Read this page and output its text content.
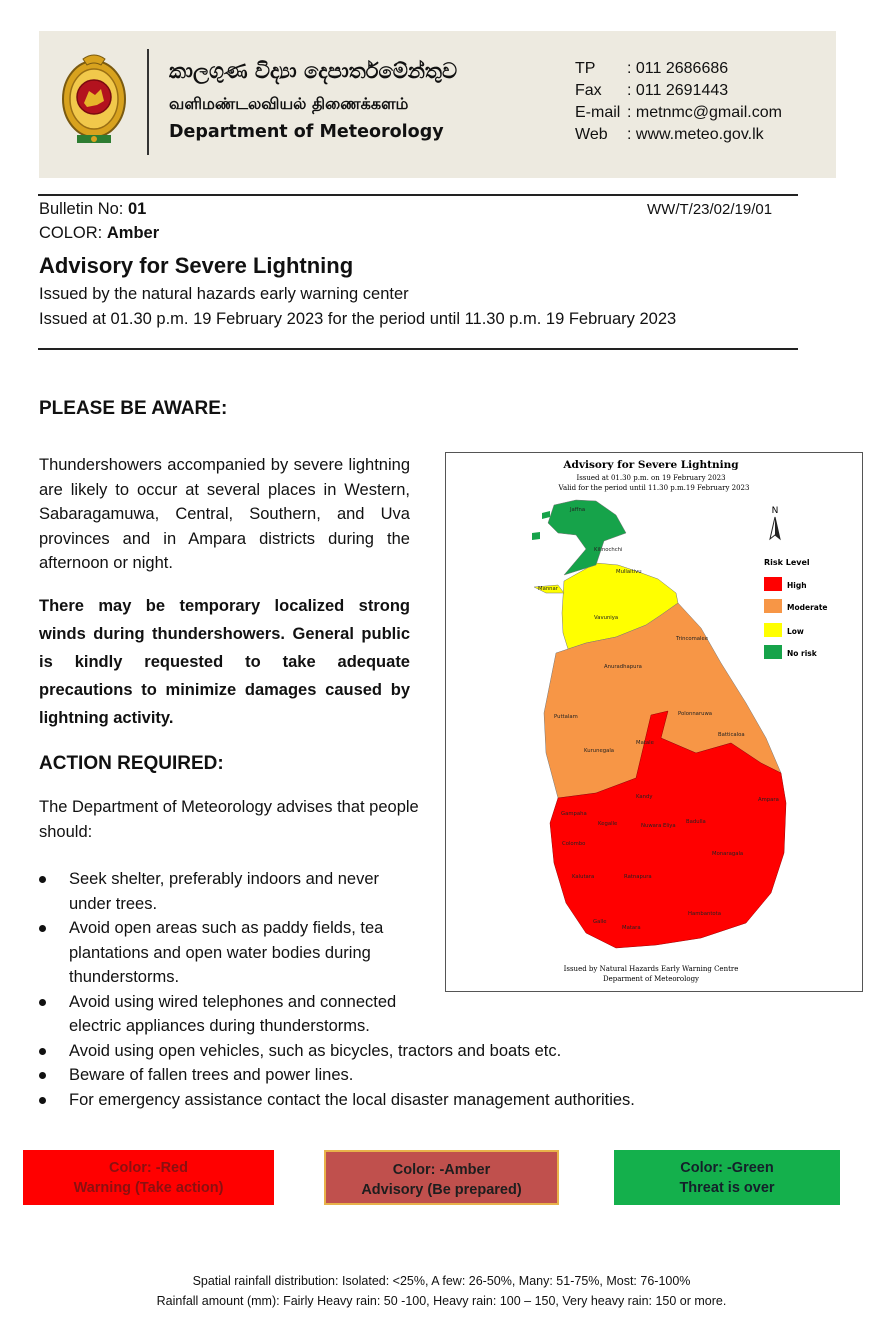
කාලගුණ විද්‍යා දෙපාර්තමේන්තුව
வளிமண்டலவியல் திணைக்களம்
Department of Meteorology
TP	: 011 2686686
Fax	: 011 2691443
E-mail : metnmc@gmail.com
Web	: www.meteo.gov.lk
Bulletin No: 01	WW/T/23/02/19/01
COLOR: Amber
Advisory for Severe Lightning
Issued by the natural hazards early warning center
Issued at 01.30 p.m. 19 February 2023 for the period until 11.30 p.m. 19 February 2023
PLEASE BE AWARE:
Thundershowers accompanied by severe lightning are likely to occur at several places in Western, Sabaragamuwa, Central, Southern, and Uva provinces and in Ampara districts during the afternoon or night.
There may be temporary localized strong winds during thundershowers. General public is kindly requested to take adequate precautions to minimize damages caused by lightning activity.
ACTION REQUIRED:
The Department of Meteorology advises that people should:
Seek shelter, preferably indoors and never under trees.
Avoid open areas such as paddy fields, tea plantations and open water bodies during thunderstorms.
Avoid using wired telephones and connected electric appliances during thunderstorms.
Avoid using open vehicles, such as bicycles, tractors and boats etc.
Beware of fallen trees and power lines.
For emergency assistance contact the local disaster management authorities.
Advisory for Severe Lightning
Issued at 01.30 p.m. on 19 February 2023
Valid for the period until 11.30 p.m.19 February 2023
Jaffna
Kilinochchi
Mullaitivu
Mannar
Vavuniya
Trincomalee
Anuradhapura
Puttalam	Polonnaruwa
Batticaloa
Kurunegala
Matale
Kandy	Ampara
Gampaha
Kegalle	Nuwara Eliya
Badulla
Colombo
Monaragala
Kalutara	Ratnapura
Hambantota
Galle
Matara
N
Risk Level
High
Moderate
Low
No risk
Issued by Natural Hazards Early Warning Centre
Deparment of Meteorology
Color: -Red
Warning (Take action)
Color: -Amber
Advisory (Be prepared)
Color: -Green
Threat is over
Spatial rainfall distribution: Isolated: <25%, A few: 26-50%, Many: 51-75%, Most: 76-100%
Rainfall amount (mm): Fairly Heavy rain: 50 -100, Heavy rain: 100 – 150, Very heavy rain: 150 or more.
